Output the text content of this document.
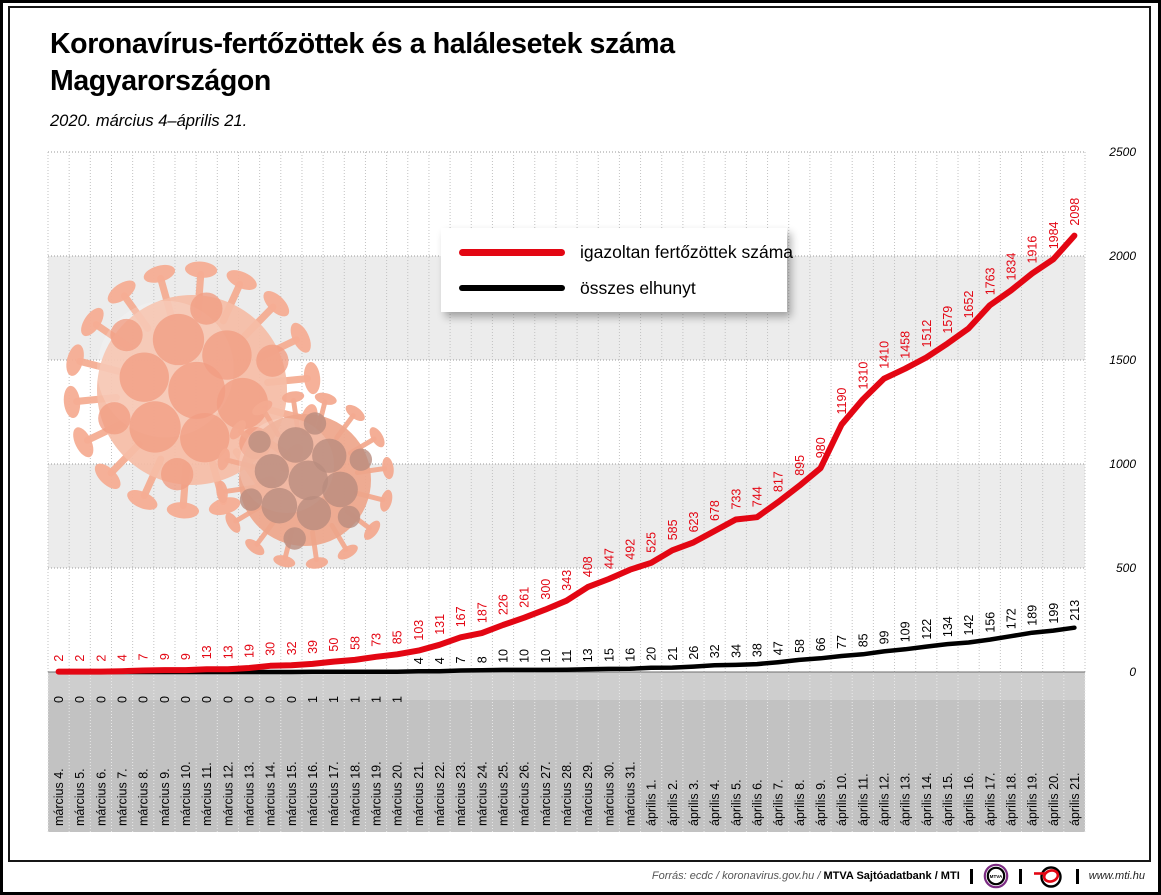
Koronavírus-fertőzöttek és a halálesetek száma
Magyarországon
2020. március 4–április 21.
2 2 2 4 7 9 9 13 13 19 30 32 39 50 58 73 85 103 131 167 187 226 261 300 343
408 447 492 525
585 623
678
733 744
817
895
980
1190
1310
1410 1458 1512 1579
1652
1763
1834
1916
1984
2098
0 0 0 0 0 0 0 0 0 0 0 0 1 1 1 1 1
4 4 7 8 10 10 10 11 13 15 16 20 21 26 32 34 38 47 58 66 77 85 99 109 122 134 142 156 172 189 199 213
március 4. március 5. március 6. március 7. március 8. március 9. március 10. március 11. március 12. március 13. március 14. március 15. március 16. március 17. március 18. március 19. március 20. március 21. március 22. március 23. március 24. március 25. március 26. március 27. március 28. március 29. március 30. március 31. április 1. április 2. április 3. április 4. április 5. április 6. április 7. április 8. április 9. április 10. április 11. április 12. április 13. április 14. április 15. április 16. április 17. április 18. április 19. április 20. április 21.
0
500
1000
1500
2000
2500
igazoltan fertőzöttek száma
összes elhunyt
Forrás: ecdc / koronavirus.gov.hu / MTVA Sajtóadatbank / MTI	MTVA	www.mti.hu
